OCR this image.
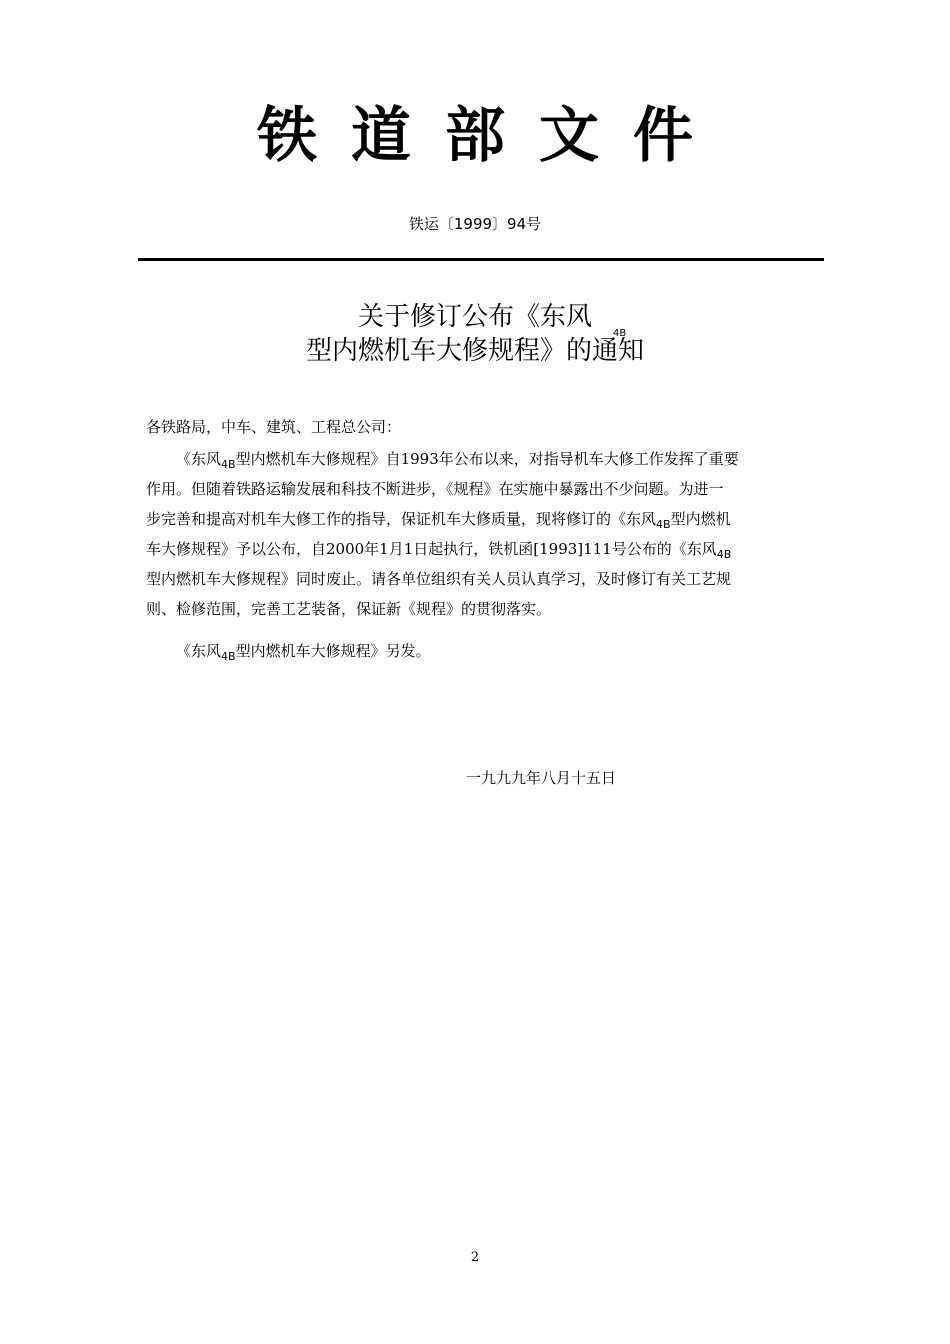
铁道部文件
铁运〔1999〕94号
关于修订公布《东风
4B
型内燃机车大修规程》的通知
各铁路局，中车、建筑、工程总公司：
《东风$_{4B}$型内燃机车大修规程》自1993年公布以来，对指导机车大修工作发挥了重要
作用。但随着铁路运输发展和科技不断进步，《规程》在实施中暴露出不少问题。为进一
步完善和提高对机车大修工作的指导，保证机车大修质量，现将修订的《东风$_{4B}$型内燃机
车大修规程》予以公布，自2000年1月1日起执行，铁机函[1993]111号公布的《东风$_{4B}$
型内燃机车大修规程》同时废止。请各单位组织有关人员认真学习，及时修订有关工艺规
则、检修范围，完善工艺装备，保证新《规程》的贯彻落实。
《东风$_{4B}$型内燃机车大修规程》另发。
一九九九年八月十五日
2
